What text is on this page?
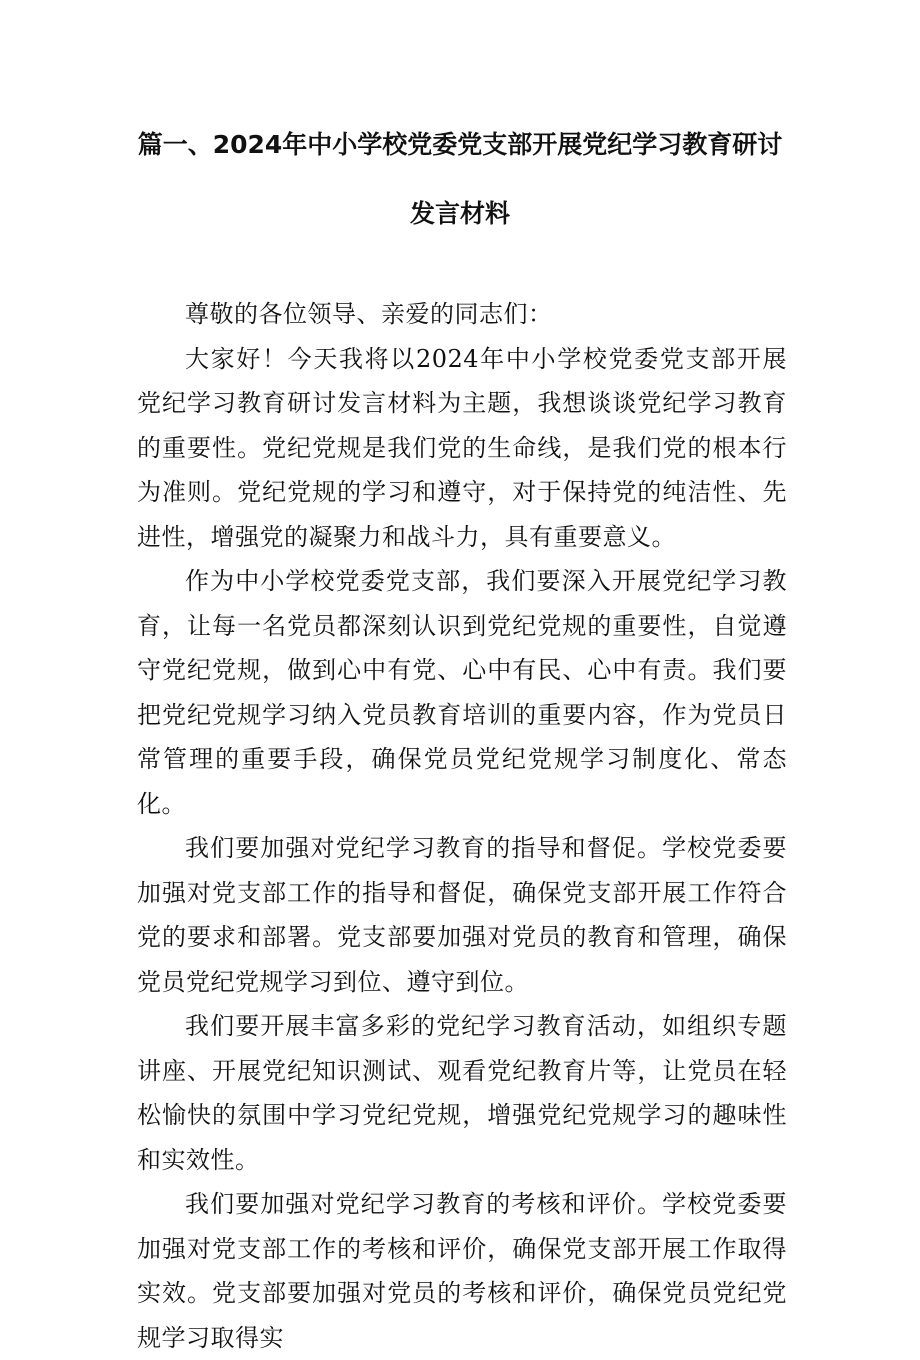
篇一、2024年中小学校党委党支部开展党纪学习教育研讨
发言材料

尊敬的各位领导、亲爱的同志们：

大家好！今天我将以2024年中小学校党委党支部开展党纪学习教育研讨发言材料为主题，我想谈谈党纪学习教育的重要性。党纪党规是我们党的生命线，是我们党的根本行为准则。党纪党规的学习和遵守，对于保持党的纯洁性、先进性，增强党的凝聚力和战斗力，具有重要意义。

作为中小学校党委党支部，我们要深入开展党纪学习教育，让每一名党员都深刻认识到党纪党规的重要性，自觉遵守党纪党规，做到心中有党、心中有民、心中有责。我们要把党纪党规学习纳入党员教育培训的重要内容，作为党员日常管理的重要手段，确保党员党纪党规学习制度化、常态化。

我们要加强对党纪学习教育的指导和督促。学校党委要加强对党支部工作的指导和督促，确保党支部开展工作符合党的要求和部署。党支部要加强对党员的教育和管理，确保党员党纪党规学习到位、遵守到位。

我们要开展丰富多彩的党纪学习教育活动，如组织专题讲座、开展党纪知识测试、观看党纪教育片等，让党员在轻松愉快的氛围中学习党纪党规，增强党纪党规学习的趣味性和实效性。

我们要加强对党纪学习教育的考核和评价。学校党委要加强对党支部工作的考核和评价，确保党支部开展工作取得实效。党支部要加强对党员的考核和评价，确保党员党纪党规学习取得实
